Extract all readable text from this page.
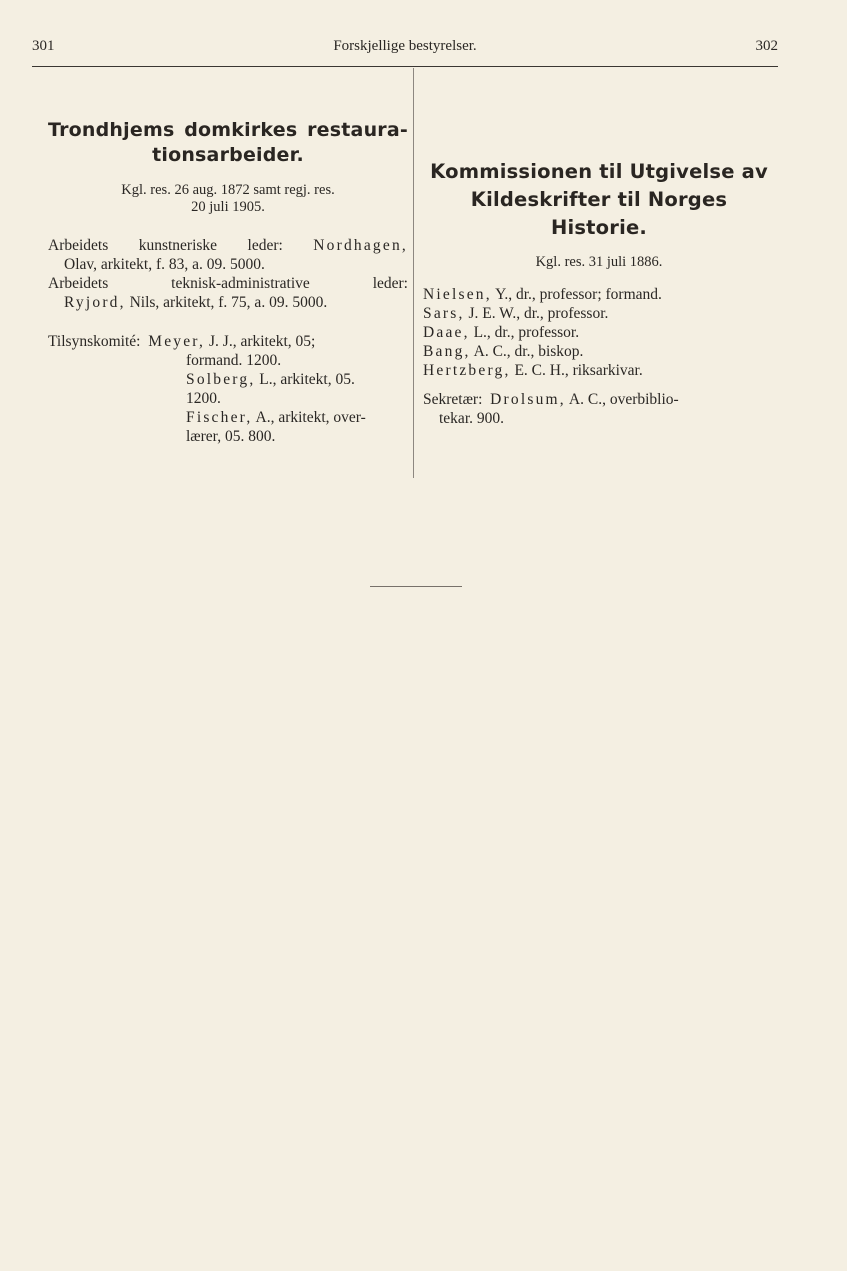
301	Forskjellige bestyrelser.	302
Trondhjems domkirkes restaura-
tionsarbeider.
Kgl. res. 26 aug. 1872 samt regj. res.
20 juli 1905.

Arbeidets kunstneriske leder: Nordhagen,

Olav, arkitekt, f. 83, a. 09. 5000.

Arbeidets teknisk-administrative leder:

Ryjord, Nils, arkitekt, f. 75, a. 09. 5000.

Tilsynskomité: Meyer, J. J., arkitekt, 05;

formand. 1200.

Solberg, L., arkitekt, 05.

1200.

Fischer, A., arkitekt, over-

lærer, 05. 800.

Kommissionen til Utgivelse av
Kildeskrifter til Norges Historie.
Kgl. res. 31 juli 1886.

Nielsen, Y., dr., professor; formand.

Sars, J. E. W., dr., professor.

Daae, L., dr., professor.

Bang, A. C., dr., biskop.

Hertzberg, E. C. H., riksarkivar.

Sekretær: Drolsum, A. C., overbiblio-

tekar. 900.
